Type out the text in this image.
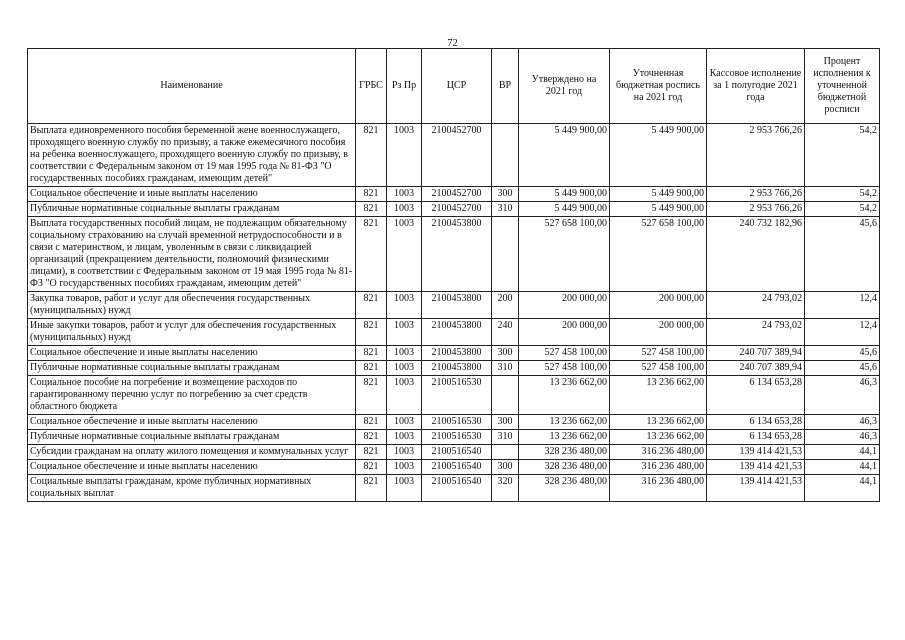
72
Наименование	ГРБС	Рз Пр	ЦСР	ВР	Утверждено на 2021 год	Уточненная бюджетная роспись на 2021 год	Кассовое исполнение за 1 полугодие 2021 года	Процент исполнения к уточненной бюджетной росписи
Выплата единовременного пособия беременной жене военнослужащего, проходящего военную службу по призыву, а также ежемесячного пособия на ребенка военнослужащего, проходящего военную службу по призыву, в соответствии с Федеральным законом от 19 мая 1995 года № 81-ФЗ "О государственных пособиях гражданам, имеющим детей"	821	1003	2100452700		5 449 900,00	5 449 900,00	2 953 766,26	54,2
Социальное обеспечение и иные выплаты населению	821	1003	2100452700	300	5 449 900,00	5 449 900,00	2 953 766,26	54,2
Публичные нормативные социальные выплаты гражданам	821	1003	2100452700	310	5 449 900,00	5 449 900,00	2 953 766,26	54,2
Выплата государственных пособий лицам, не подлежащим обязательному социальному страхованию на случай временной нетрудоспособности и в связи с материнством, и лицам, уволенным в связи с ликвидацией организаций (прекращением деятельности, полномочий физическими лицами), в соответствии с Федеральным законом от 19 мая 1995 года № 81-ФЗ "О государственных пособиях гражданам, имеющим детей"	821	1003	2100453800		527 658 100,00	527 658 100,00	240 732 182,96	45,6
Закупка товаров, работ и услуг для обеспечения государственных (муниципальных) нужд	821	1003	2100453800	200	200 000,00	200 000,00	24 793,02	12,4
Иные закупки товаров, работ и услуг для обеспечения государственных (муниципальных) нужд	821	1003	2100453800	240	200 000,00	200 000,00	24 793,02	12,4
Социальное обеспечение и иные выплаты населению	821	1003	2100453800	300	527 458 100,00	527 458 100,00	240 707 389,94	45,6
Публичные нормативные социальные выплаты гражданам	821	1003	2100453800	310	527 458 100,00	527 458 100,00	240 707 389,94	45,6
Социальное пособие на погребение и возмещение расходов по гарантированному перечню услуг по погребению за счет средств областного бюджета	821	1003	2100516530		13 236 662,00	13 236 662,00	6 134 653,28	46,3
Социальное обеспечение и иные выплаты населению	821	1003	2100516530	300	13 236 662,00	13 236 662,00	6 134 653,28	46,3
Публичные нормативные социальные выплаты гражданам	821	1003	2100516530	310	13 236 662,00	13 236 662,00	6 134 653,28	46,3
Субсидии гражданам на оплату жилого помещения и коммунальных услуг	821	1003	2100516540		328 236 480,00	316 236 480,00	139 414 421,53	44,1
Социальное обеспечение и иные выплаты населению	821	1003	2100516540	300	328 236 480,00	316 236 480,00	139 414 421,53	44,1
Социальные выплаты гражданам, кроме публичных нормативных социальных выплат	821	1003	2100516540	320	328 236 480,00	316 236 480,00	139 414 421,53	44,1
